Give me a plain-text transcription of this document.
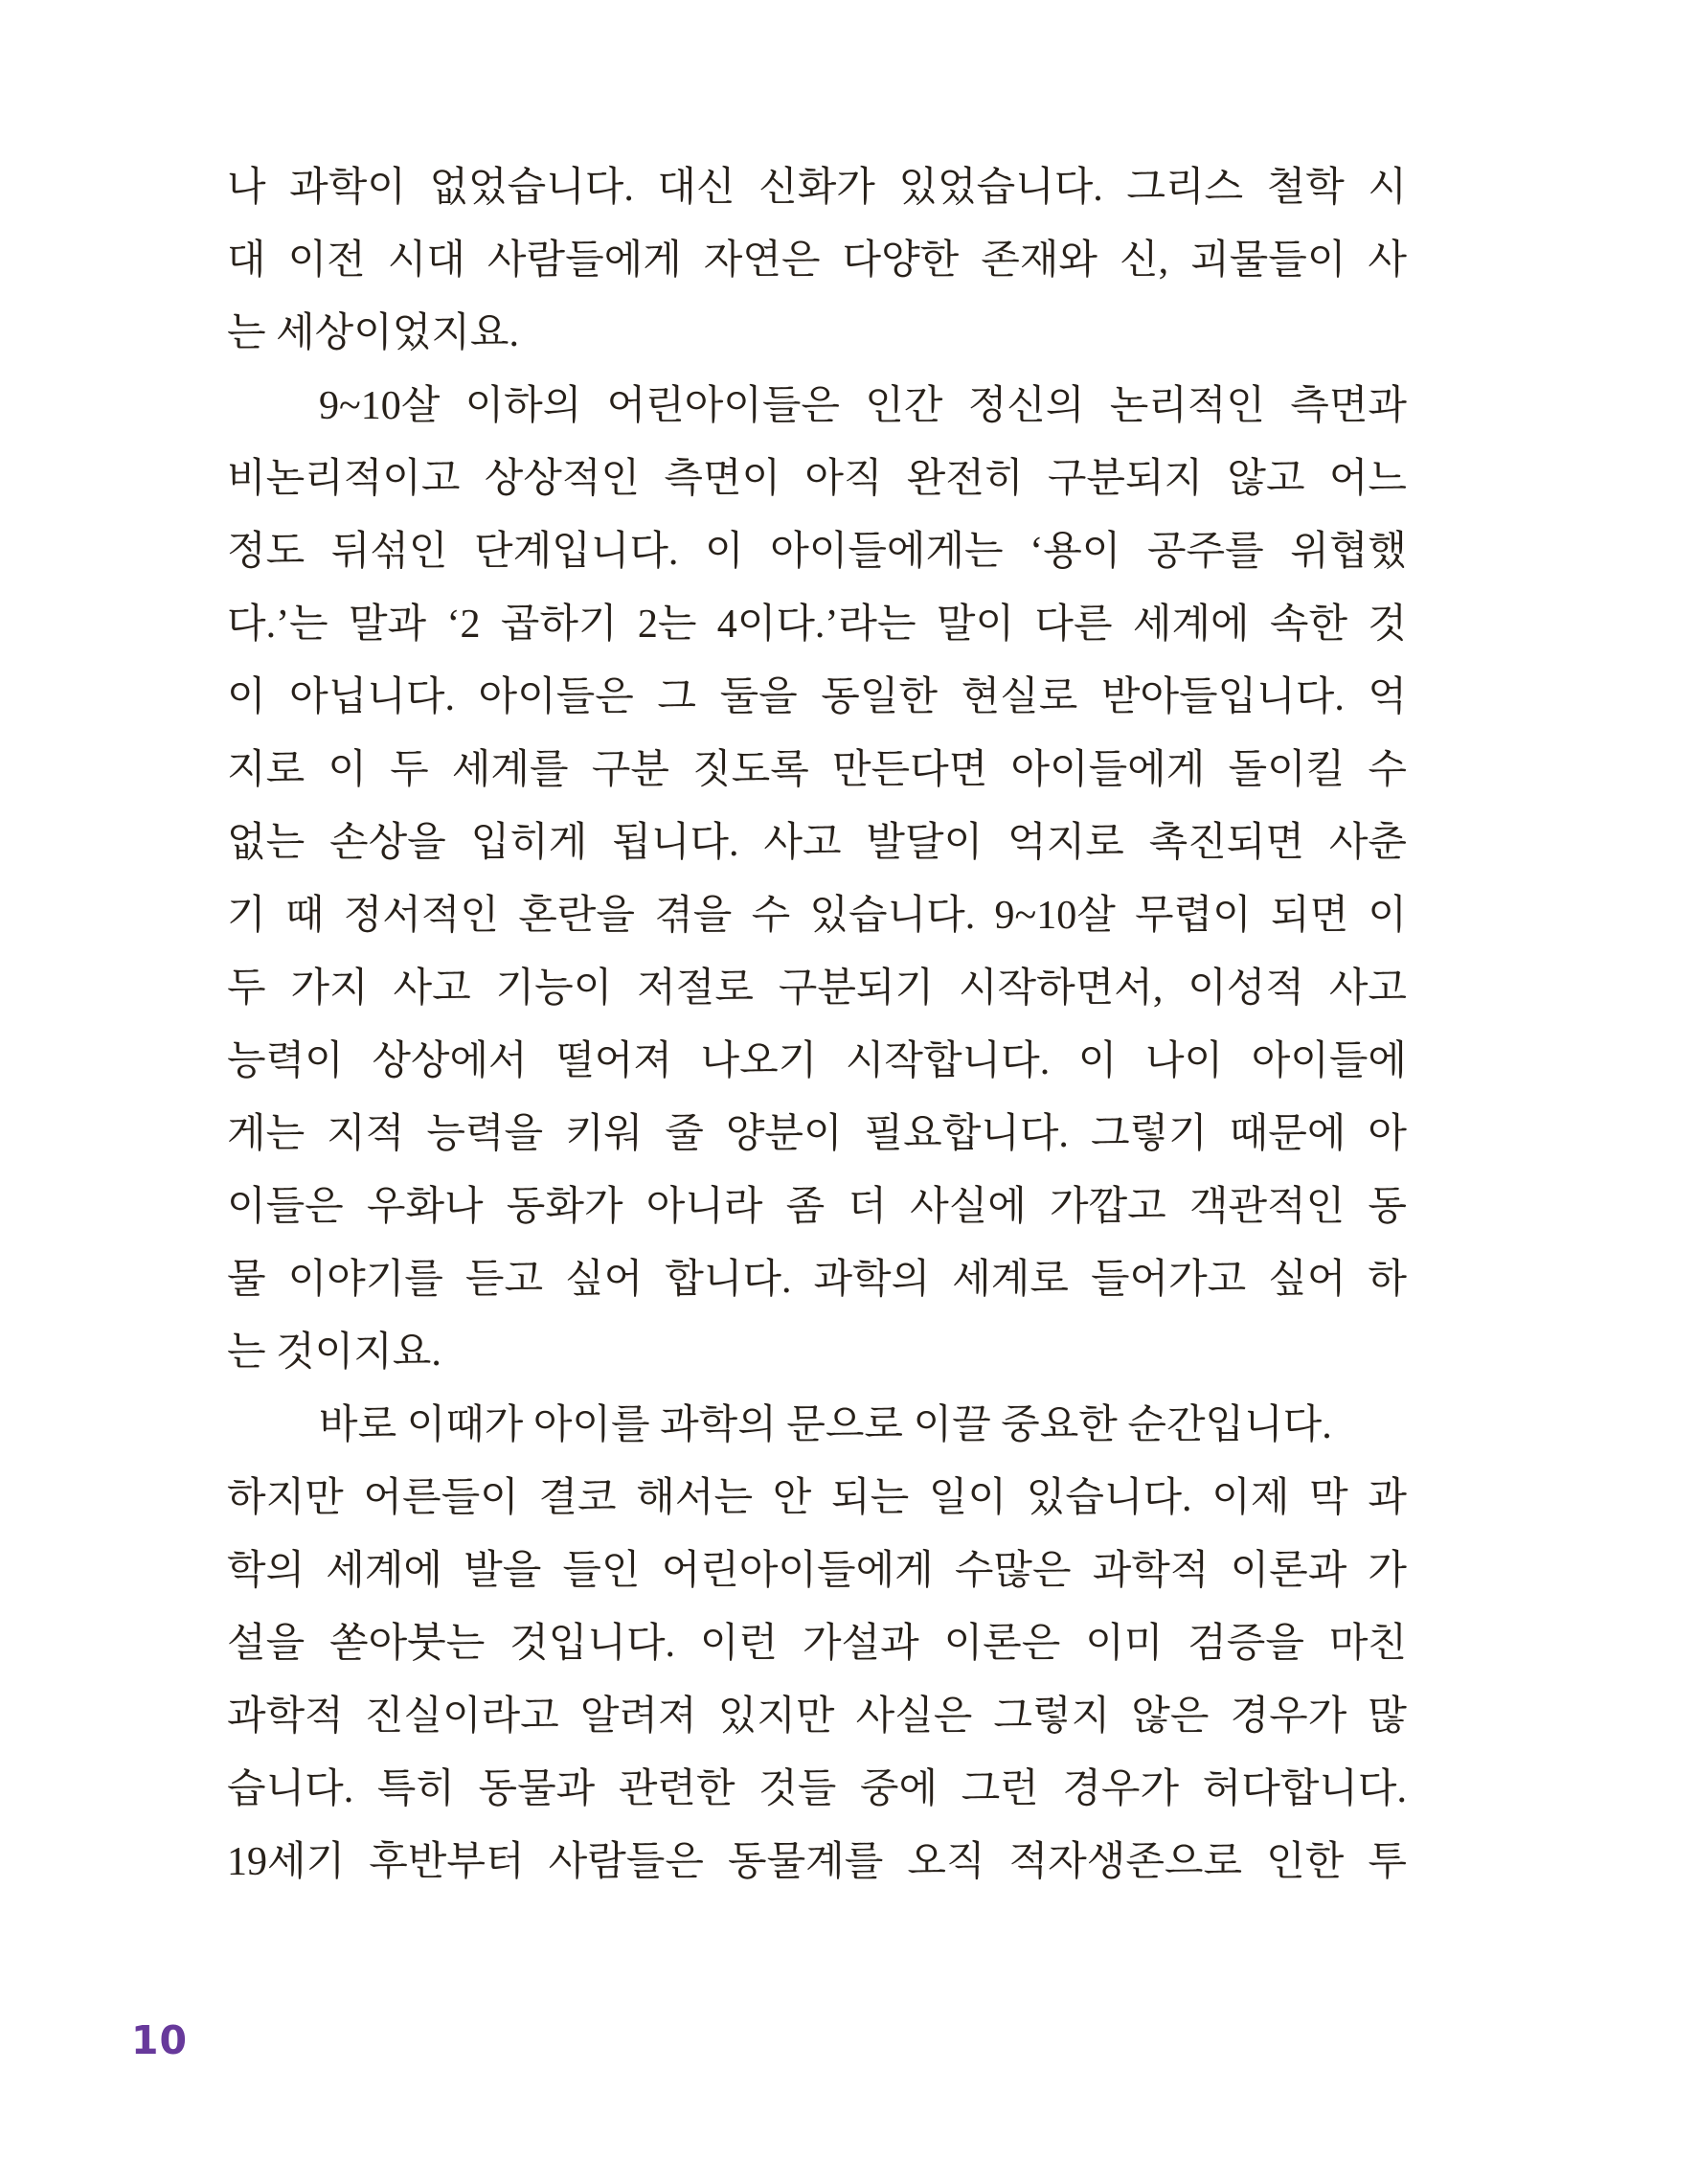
나 과학이 없었습니다. 대신 신화가 있었습니다. 그리스 철학 시
대 이전 시대 사람들에게 자연은 다양한 존재와 신, 괴물들이 사
는 세상이었지요.
9~10살 이하의 어린아이들은 인간 정신의 논리적인 측면과
비논리적이고 상상적인 측면이 아직 완전히 구분되지 않고 어느
정도 뒤섞인 단계입니다. 이 아이들에게는 ‘용이 공주를 위협했
다.’는 말과 ‘2 곱하기 2는 4이다.’라는 말이 다른 세계에 속한 것
이 아닙니다. 아이들은 그 둘을 동일한 현실로 받아들입니다. 억
지로 이 두 세계를 구분 짓도록 만든다면 아이들에게 돌이킬 수
없는 손상을 입히게 됩니다. 사고 발달이 억지로 촉진되면 사춘
기 때 정서적인 혼란을 겪을 수 있습니다. 9~10살 무렵이 되면 이
두 가지 사고 기능이 저절로 구분되기 시작하면서, 이성적 사고
능력이 상상에서 떨어져 나오기 시작합니다. 이 나이 아이들에
게는 지적 능력을 키워 줄 양분이 필요합니다. 그렇기 때문에 아
이들은 우화나 동화가 아니라 좀 더 사실에 가깝고 객관적인 동
물 이야기를 듣고 싶어 합니다. 과학의 세계로 들어가고 싶어 하
는 것이지요.
바로 이때가 아이를 과학의 문으로 이끌 중요한 순간입니다.
하지만 어른들이 결코 해서는 안 되는 일이 있습니다. 이제 막 과
학의 세계에 발을 들인 어린아이들에게 수많은 과학적 이론과 가
설을 쏟아붓는 것입니다. 이런 가설과 이론은 이미 검증을 마친
과학적 진실이라고 알려져 있지만 사실은 그렇지 않은 경우가 많
습니다. 특히 동물과 관련한 것들 중에 그런 경우가 허다합니다.
19세기 후반부터 사람들은 동물계를 오직 적자생존으로 인한 투
10
